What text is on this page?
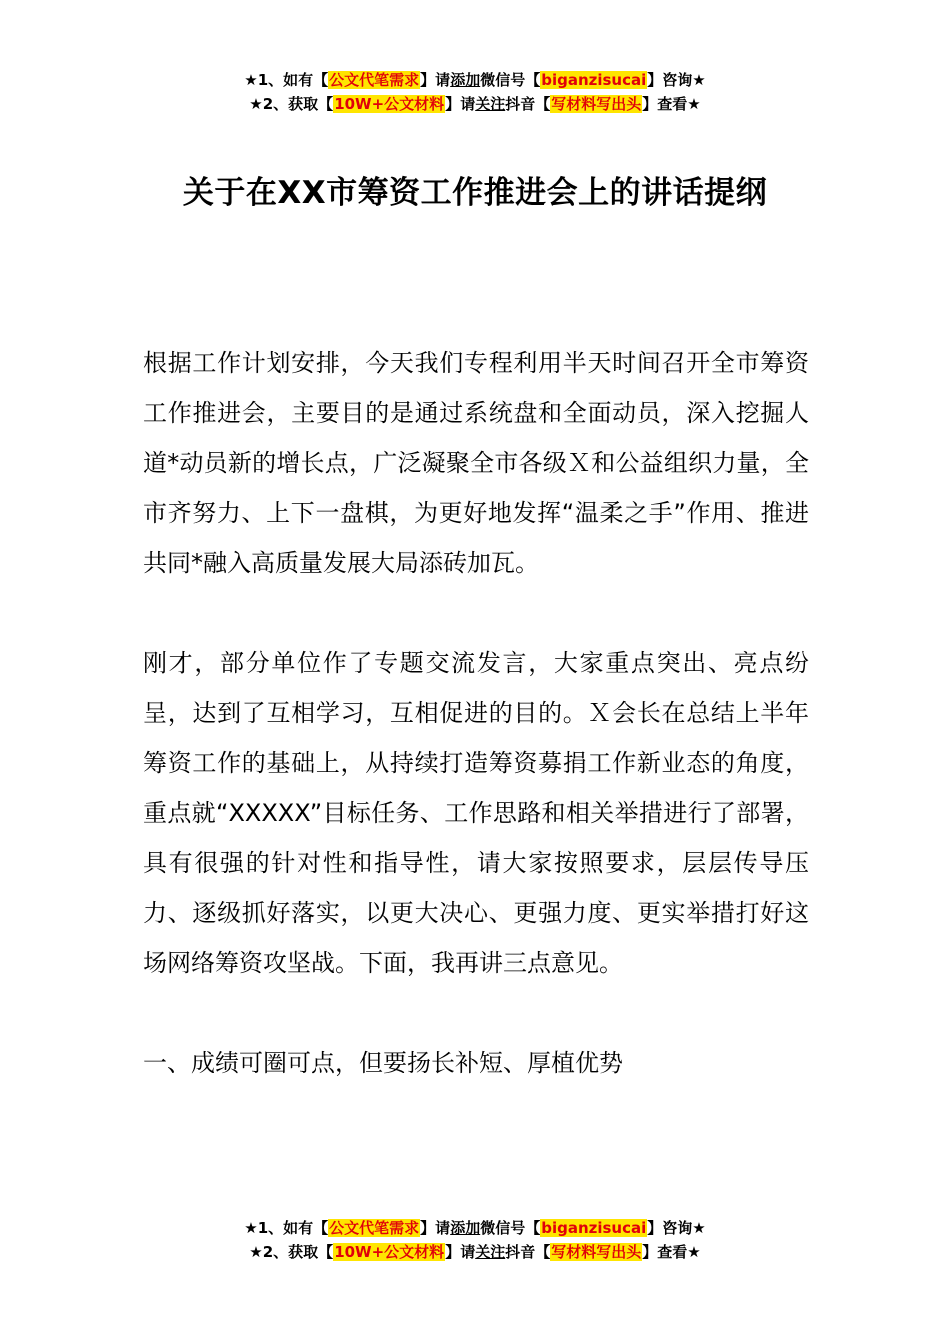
★1、如有【公文代笔需求】请添加微信号【biganzisucai】咨询★
★2、获取【10W+公文材料】请关注抖音【写材料写出头】查看★
关于在XX市筹资工作推进会上的讲话提纲

根据工作计划安排，今天我们专程利用半天时间召开全市筹资工作推进会，主要目的是通过系统盘和全面动员，深入挖掘人道*动员新的增长点，广泛凝聚全市各级Ｘ和公益组织力量，全市齐努力、上下一盘棋，为更好地发挥“温柔之手”作用、推进共同*融入高质量发展大局添砖加瓦。

刚才，部分单位作了专题交流发言，大家重点突出、亮点纷呈，达到了互相学习，互相促进的目的。Ｘ会长在总结上半年筹资工作的基础上，从持续打造筹资募捐工作新业态的角度，重点就“XXXXX”目标任务、工作思路和相关举措进行了部署，具有很强的针对性和指导性，请大家按照要求，层层传导压力、逐级抓好落实，以更大决心、更强力度、更实举措打好这场网络筹资攻坚战。下面，我再讲三点意见。

一、成绩可圈可点，但要扬长补短、厚植优势

★1、如有【公文代笔需求】请添加微信号【biganzisucai】咨询★
★2、获取【10W+公文材料】请关注抖音【写材料写出头】查看★
